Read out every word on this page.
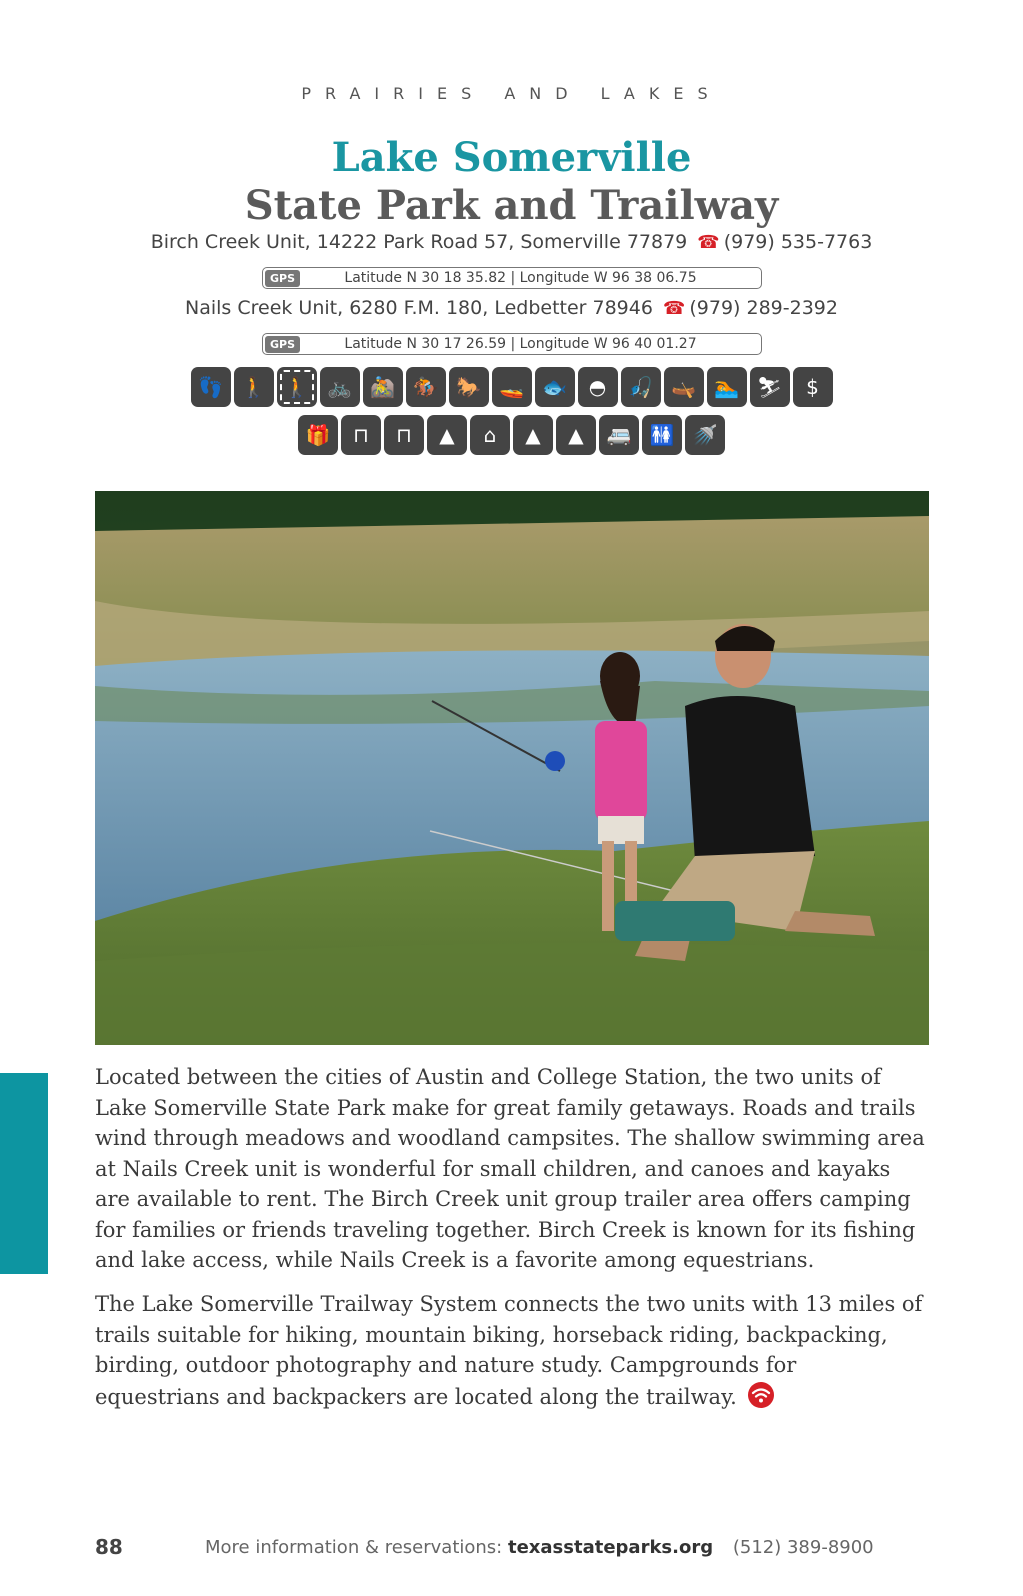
PRAIRIES AND LAKES
Lake Somerville
State Park and Trailway
Birch Creek Unit, 14222 Park Road 57, Somerville 77879 ☎ (979) 535-7763
GPS	Latitude N 30 18 35.82 | Longitude W 96 38 06.75
Nails Creek Unit, 6280 F.M. 180, Ledbetter 78946 ☎ (979) 289-2392
GPS	Latitude N 30 17 26.59 | Longitude W 96 40 01.27
👣 🚶 🚶 🚲 🚵 🏇 🐎 🚤 🐟	◓	🎣 🛶 🏊 ⛷	$
🎁	⊓	⊓	▲	⌂	▲	▲	🚐 🚻 🚿

Located between the cities of Austin and College Station, the two units of Lake Somerville State Park make for great family getaways. Roads and trails wind through meadows and woodland campsites. The shallow swimming area at Nails Creek unit is wonderful for small children, and canoes and kayaks are available to rent. The Birch Creek unit group trailer area offers camping for families or friends traveling together. Birch Creek is known for its fishing and lake access, while Nails Creek is a favorite among equestrians.

The Lake Somerville Trailway System connects the two units with 13 miles of trails suitable for hiking, mountain biking, horseback riding, backpacking, birding, outdoor photography and nature study. Campgrounds for equestrians and backpackers are located along the trailway.

88	More information & reservations: texasstateparks.org (512) 389-8900
